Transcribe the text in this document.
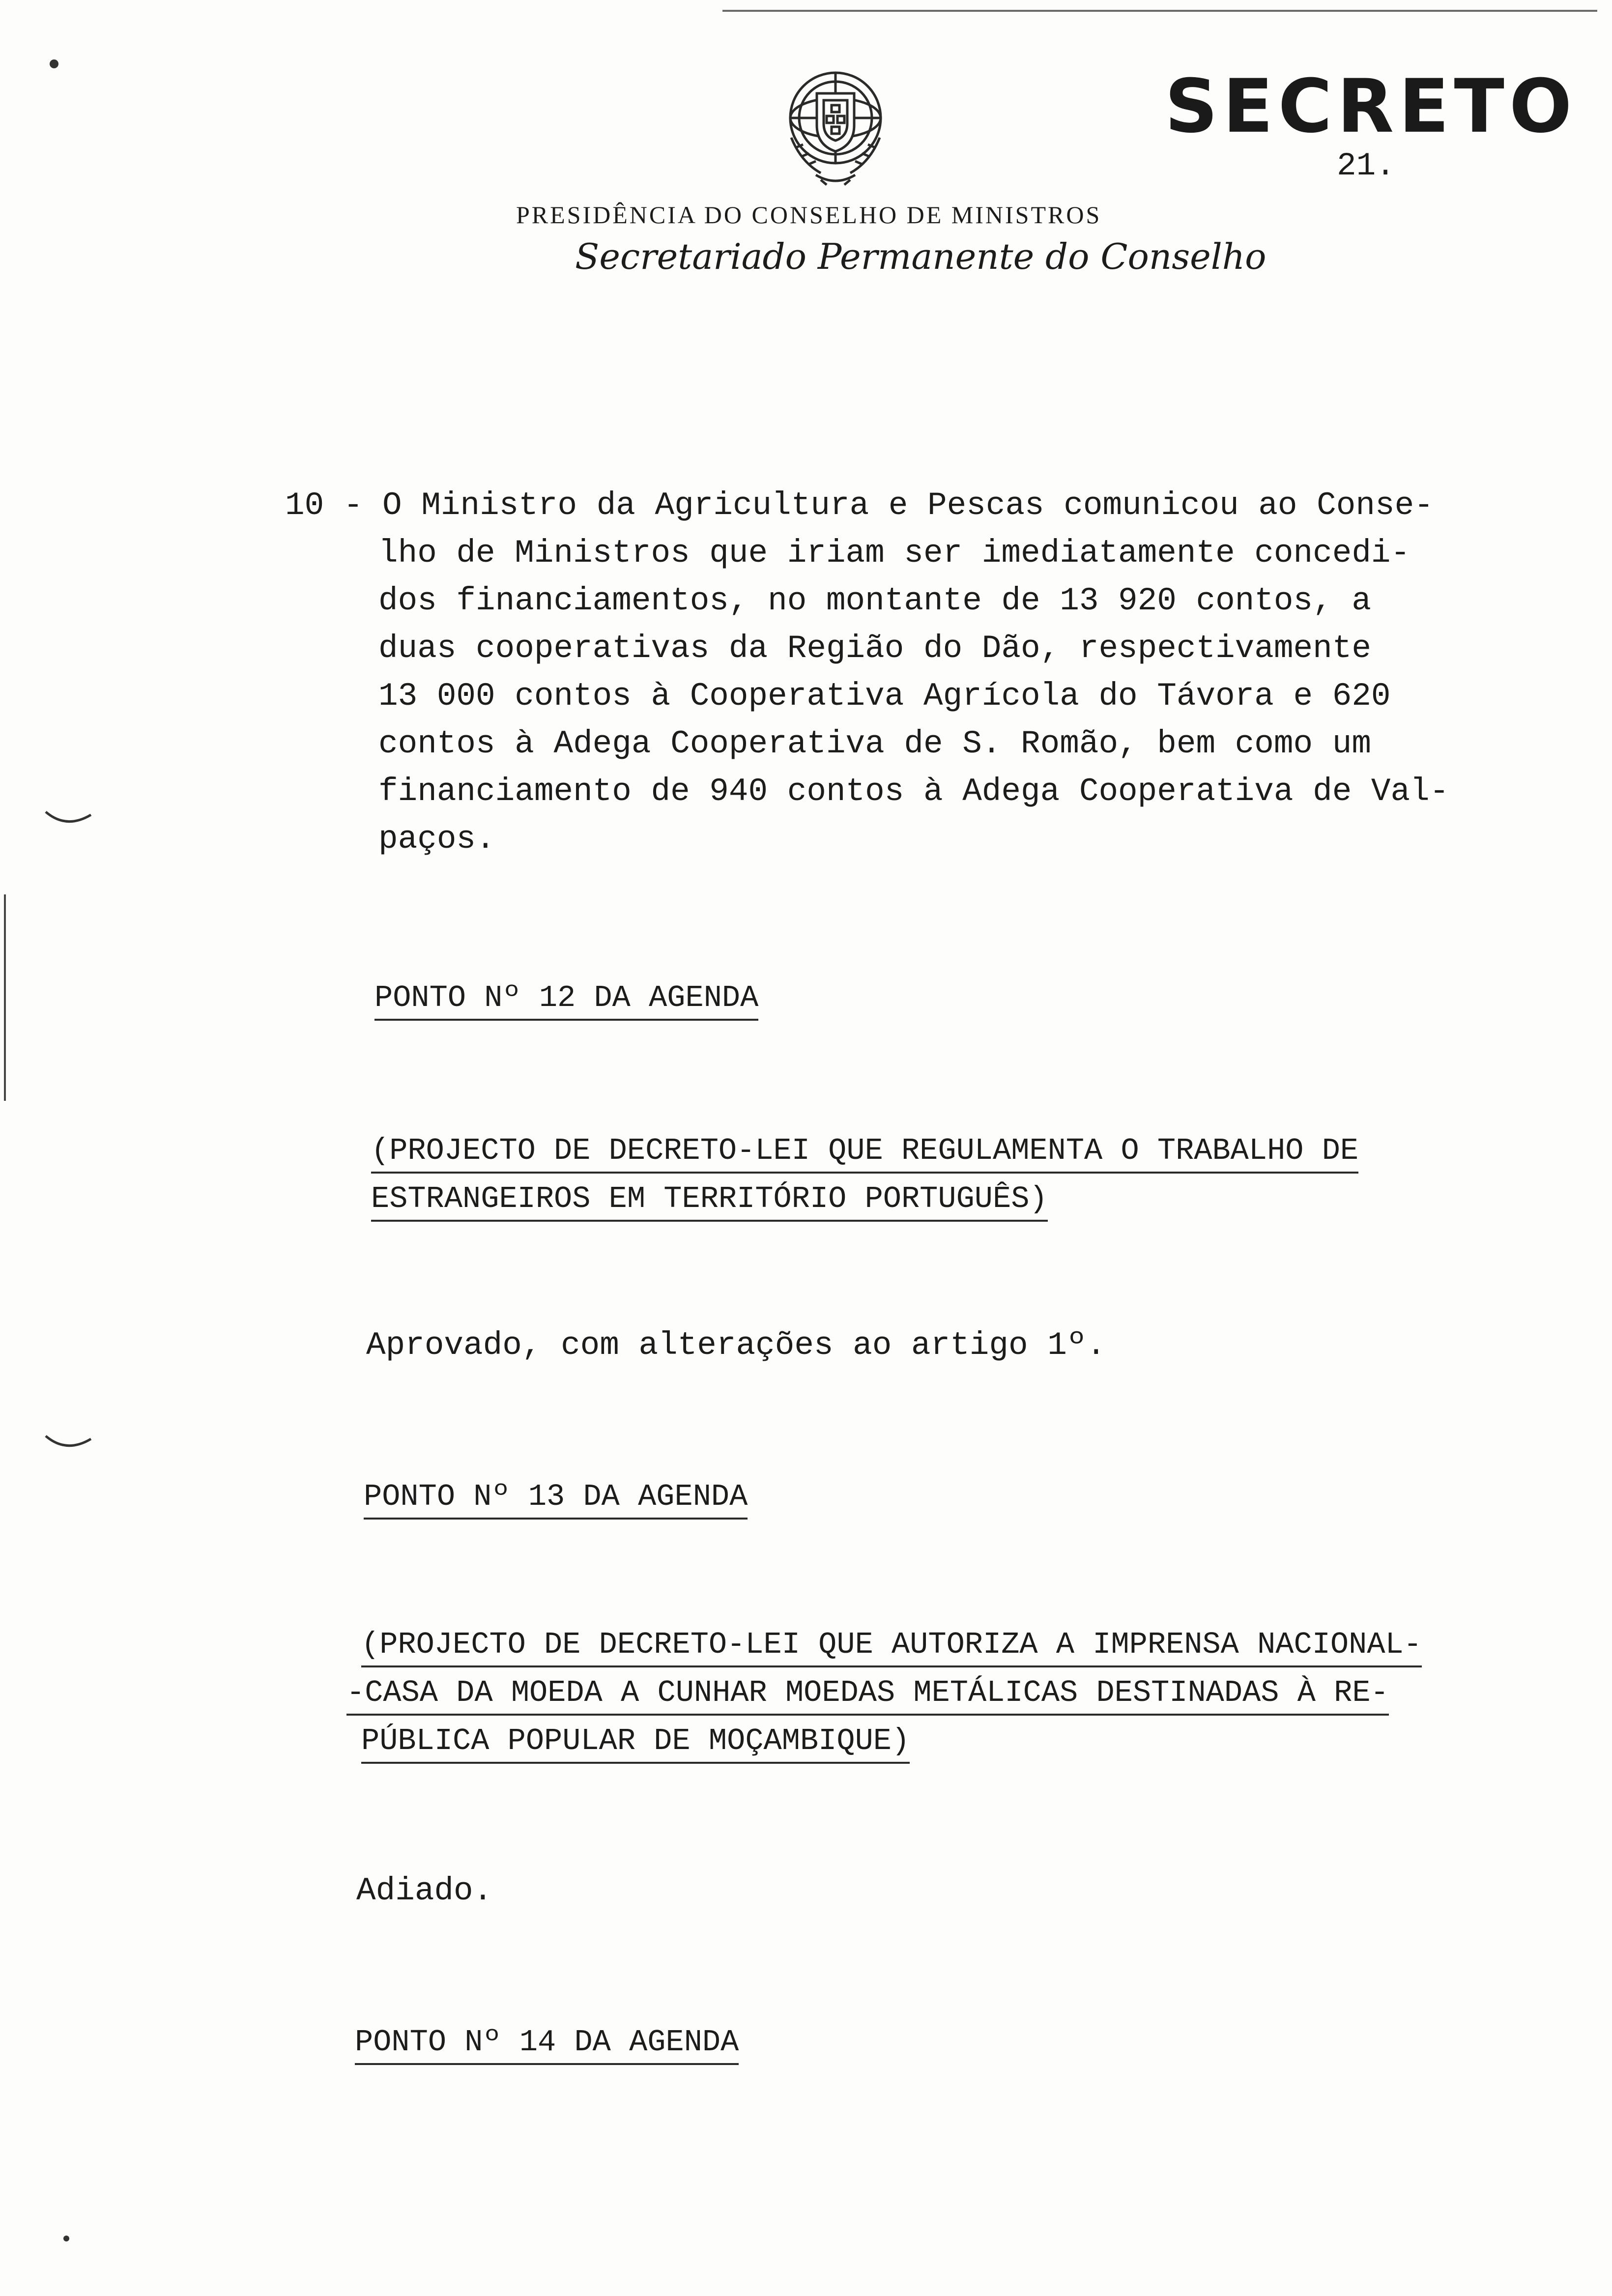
SECRETO
21.
PRESIDÊNCIA DO CONSELHO DE MINISTROS
Secretariado Permanente do Conselho
10 - O Ministro da Agricultura e Pescas comunicou ao Conse-
lho de Ministros que iriam ser imediatamente concedi-
dos financiamentos, no montante de 13 920 contos, a
duas cooperativas da Região do Dão, respectivamente
13 000 contos à Cooperativa Agrícola do Távora e 620
contos à Adega Cooperativa de S. Romão, bem como um
financiamento de 940 contos à Adega Cooperativa de Val-
paços.
PONTO Nº 12 DA AGENDA
(PROJECTO DE DECRETO-LEI QUE REGULAMENTA O TRABALHO DE
ESTRANGEIROS EM TERRITÓRIO PORTUGUÊS)
Aprovado, com alterações ao artigo 1º.
PONTO Nº 13 DA AGENDA
(PROJECTO DE DECRETO-LEI QUE AUTORIZA A IMPRENSA NACIONAL-
-CASA DA MOEDA A CUNHAR MOEDAS METÁLICAS DESTINADAS À RE-
PÚBLICA POPULAR DE MOÇAMBIQUE)
Adiado.
PONTO Nº 14 DA AGENDA
